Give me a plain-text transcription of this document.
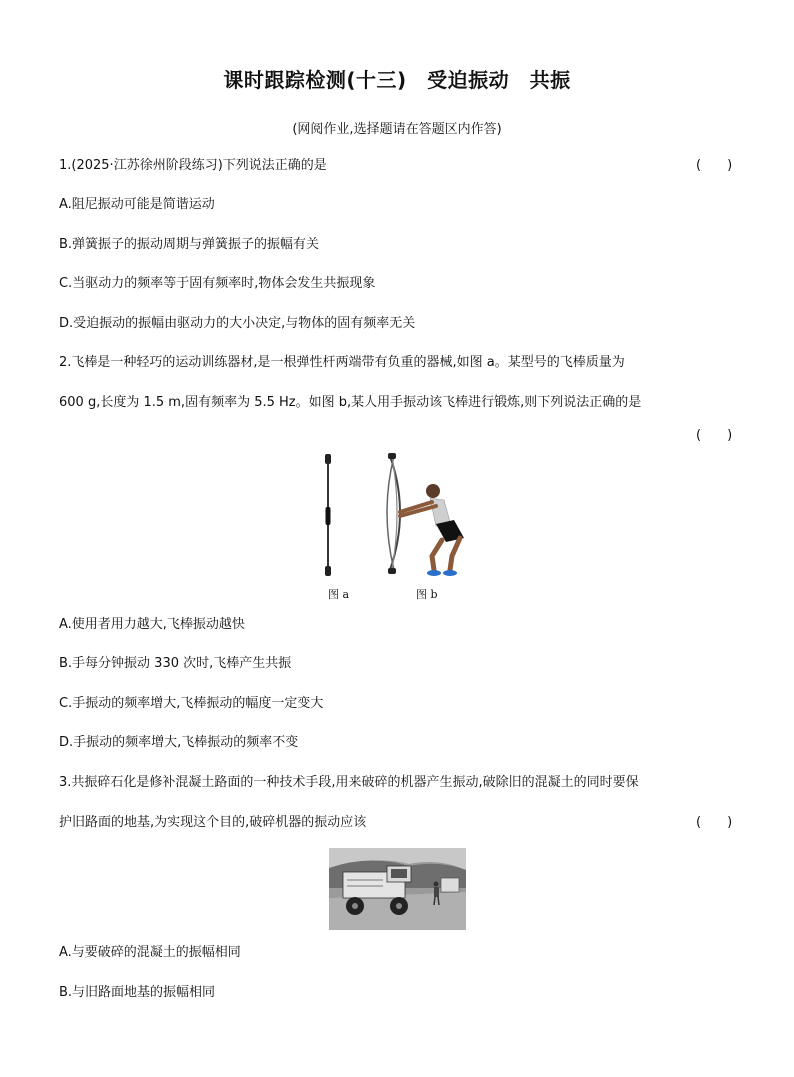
课时跟踪检测(十三)　受迫振动　共振
(网阅作业,选择题请在答题区内作答)
1.(2025·江苏徐州阶段练习)下列说法正确的是	(　　)
A.阻尼振动可能是简谐运动
B.弹簧振子的振动周期与弹簧振子的振幅有关
C.当驱动力的频率等于固有频率时,物体会发生共振现象
D.受迫振动的振幅由驱动力的大小决定,与物体的固有频率无关
2.飞棒是一种轻巧的运动训练器材,是一根弹性杆两端带有负重的器械,如图 a。某型号的飞棒质量为
600 g,长度为 1.5 m,固有频率为 5.5 Hz。如图 b,某人用手振动该飞棒进行锻炼,则下列说法正确的是
(　　)
图 a	图 b
A.使用者用力越大,飞棒振动越快
B.手每分钟振动 330 次时,飞棒产生共振
C.手振动的频率增大,飞棒振动的幅度一定变大
D.手振动的频率增大,飞棒振动的频率不变
3.共振碎石化是修补混凝土路面的一种技术手段,用来破碎的机器产生振动,破除旧的混凝土的同时要保
护旧路面的地基,为实现这个目的,破碎机器的振动应该	(　　)
A.与要破碎的混凝土的振幅相同
B.与旧路面地基的振幅相同
